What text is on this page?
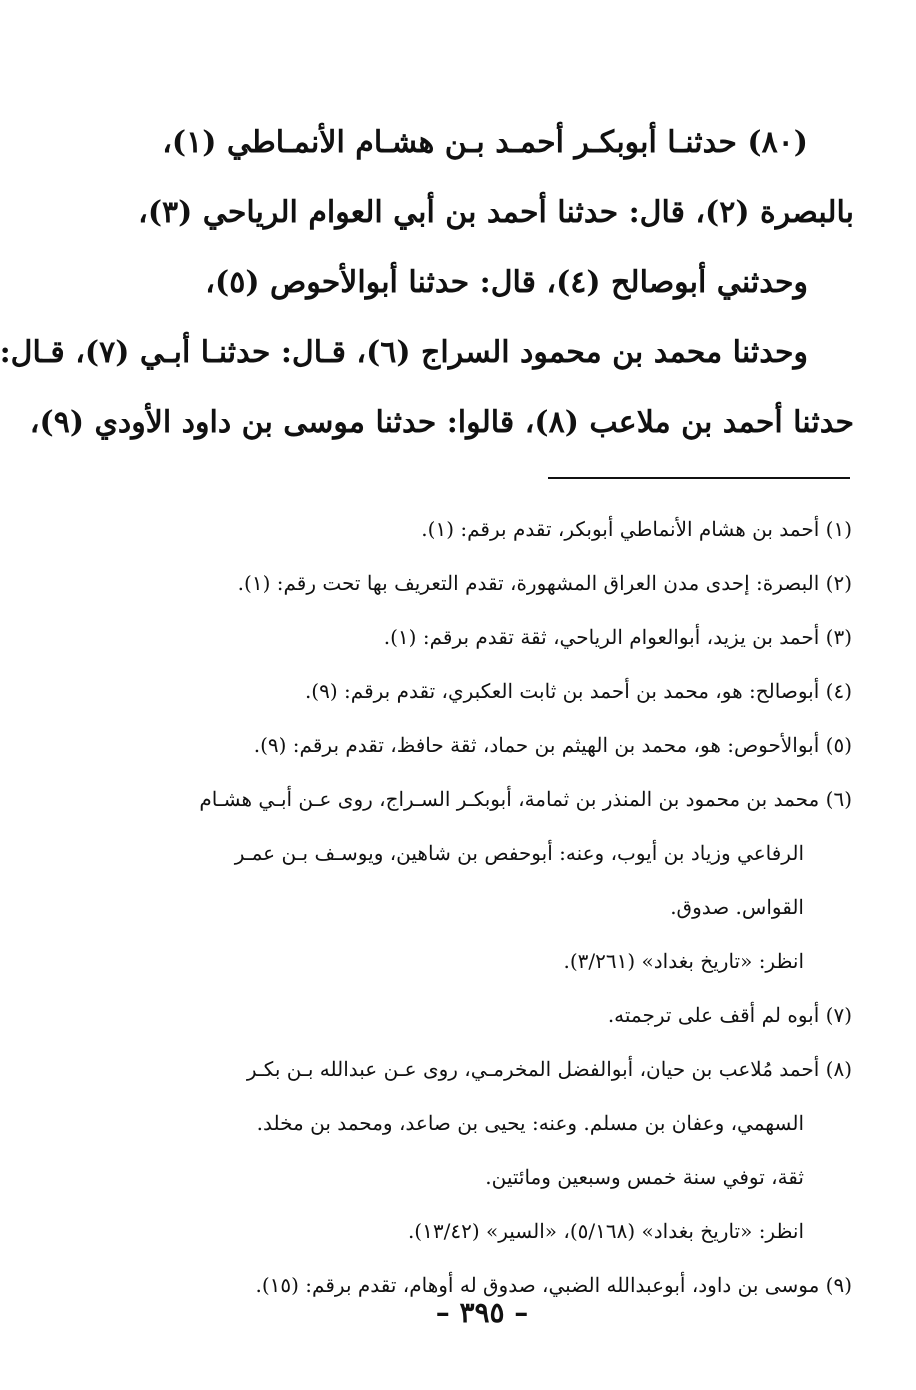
(٨٠) حدثنـا أبوبكـر أحمـد بـن هشـام الأنمـاطي (١)،
بالبصرة (٢)، قال: حدثنا أحمد بن أبي العوام الرياحي (٣)،
وحدثني أبوصالح (٤)، قال: حدثنا أبوالأحوص (٥)،
وحدثنا محمد بن محمود السراج (٦)، قـال: حدثنـا أبـي (٧)، قـال:
حدثنا أحمد بن ملاعب (٨)، قالوا: حدثنا موسى بن داود الأودي (٩)،
(١) أحمد بن هشام الأنماطي أبوبكر، تقدم برقم: (١).
(٢) البصرة: إحدى مدن العراق المشهورة، تقدم التعريف بها تحت رقم: (١).
(٣) أحمد بن يزيد، أبوالعوام الرياحي، ثقة تقدم برقم: (١).
(٤) أبوصالح: هو، محمد بن أحمد بن ثابت العكبري، تقدم برقم: (٩).
(٥) أبوالأحوص: هو، محمد بن الهيثم بن حماد، ثقة حافظ، تقدم برقم: (٩).
(٦) محمد بن محمود بن المنذر بن ثمامة، أبوبكـر السـراج، روى عـن أبـي هشـام
الرفاعي وزياد بن أيوب، وعنه: أبوحفص بن شاهين، ويوسـف بـن عمـر
القواس. صدوق.
انظر: «تاريخ بغداد» (٣/٢٦١).
(٧) أبوه لم أقف على ترجمته.
(٨) أحمد مُلاعب بن حيان، أبوالفضل المخرمـي، روى عـن عبدالله بـن بكـر
السهمي، وعفان بن مسلم. وعنه: يحيى بن صاعد، ومحمد بن مخلد.
ثقة، توفي سنة خمس وسبعين ومائتين.
انظر: «تاريخ بغداد» (٥/١٦٨)، «السير» (١٣/٤٢).
(٩) موسى بن داود، أبوعبدالله الضبي، صدوق له أوهام، تقدم برقم: (١٥).
– ٣٩٥ –
